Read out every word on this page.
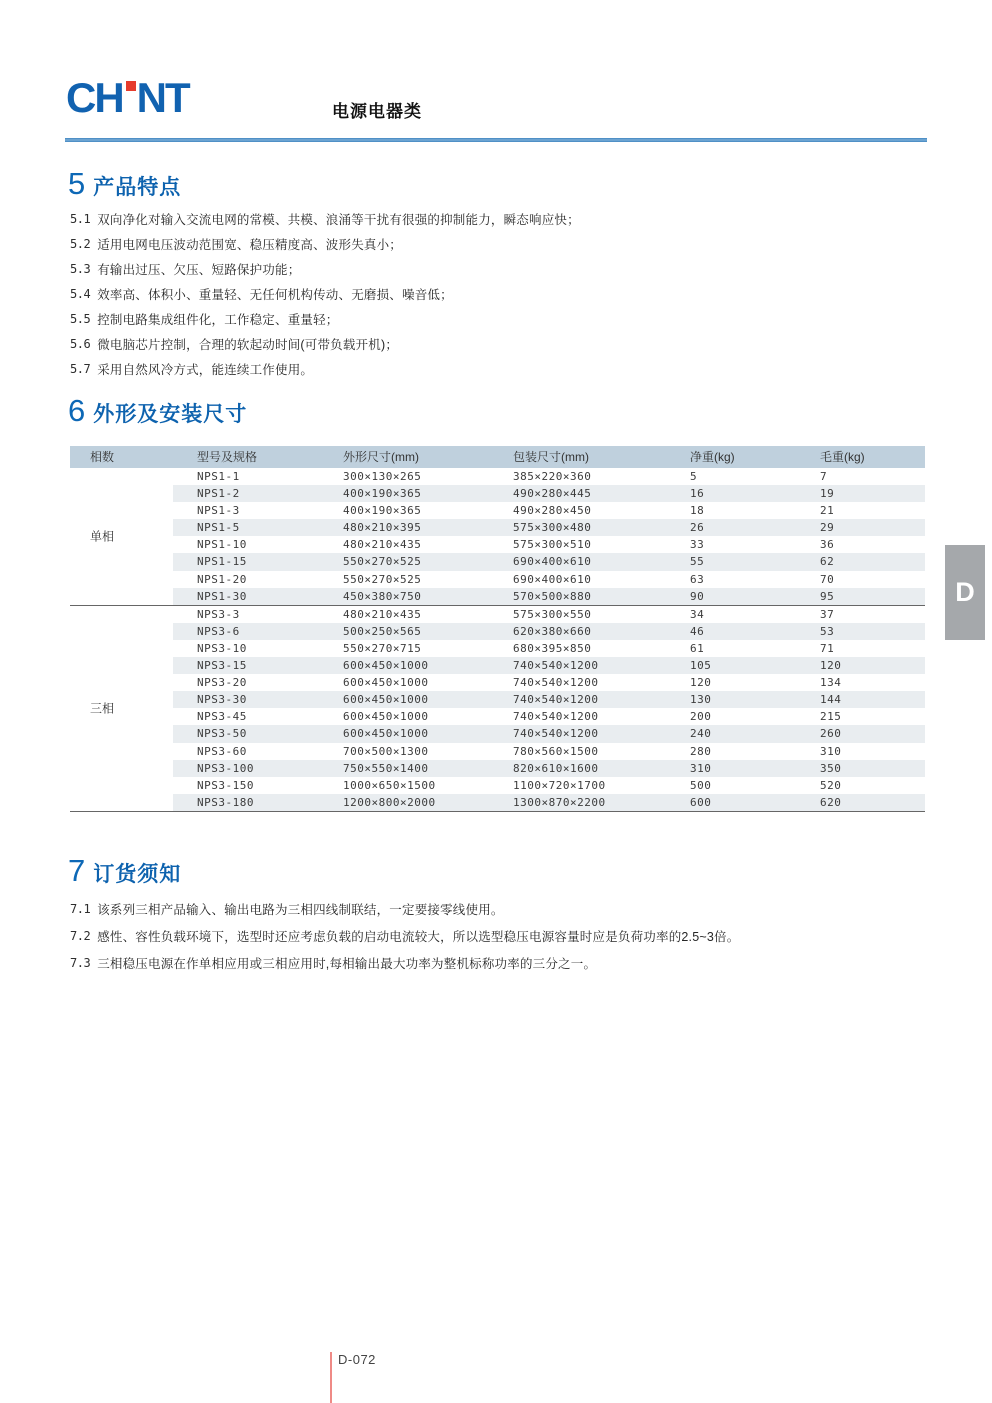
CH NT	电源电器类
5 产品特点
5.1 双向净化对输入交流电网的常模、共模、浪涌等干扰有很强的抑制能力，瞬态响应快；
5.2 适用电网电压波动范围宽、稳压精度高、波形失真小；
5.3 有输出过压、欠压、短路保护功能；
5.4 效率高、体积小、重量轻、无任何机构传动、无磨损、噪音低；
5.5 控制电路集成组件化，工作稳定、重量轻；
5.6 微电脑芯片控制，合理的软起动时间(可带负载开机)；
5.7 采用自然风冷方式，能连续工作使用。
6 外形及安装尺寸
相数	型号及规格	外形尺寸(mm)	包装尺寸(mm)	净重(kg)	毛重(kg)
单相
NPS1-1	300×130×265	385×220×360	5	7
NPS1-2	400×190×365	490×280×445	16	19
NPS1-3	400×190×365	490×280×450	18	21
NPS1-5	480×210×395	575×300×480	26	29
NPS1-10	480×210×435	575×300×510	33	36
NPS1-15	550×270×525	690×400×610	55	62
NPS1-20	550×270×525	690×400×610	63	70
NPS1-30	450×380×750	570×500×880	90	95
三相
NPS3-3	480×210×435	575×300×550	34	37
NPS3-6	500×250×565	620×380×660	46	53
NPS3-10	550×270×715	680×395×850	61	71
NPS3-15	600×450×1000	740×540×1200	105	120
NPS3-20	600×450×1000	740×540×1200	120	134
NPS3-30	600×450×1000	740×540×1200	130	144
NPS3-45	600×450×1000	740×540×1200	200	215
NPS3-50	600×450×1000	740×540×1200	240	260
NPS3-60	700×500×1300	780×560×1500	280	310
NPS3-100	750×550×1400	820×610×1600	310	350
NPS3-150	1000×650×1500	1100×720×1700	500	520
NPS3-180	1200×800×2000	1300×870×2200	600	620
7 订货须知
7.1 该系列三相产品输入、输出电路为三相四线制联结，一定要接零线使用。
7.2 感性、容性负载环境下，选型时还应考虑负载的启动电流较大，所以选型稳压电源容量时应是负荷功率的2.5~3倍。
7.3 三相稳压电源在作单相应用或三相应用时,每相输出最大功率为整机标称功率的三分之一。
D
D-072
